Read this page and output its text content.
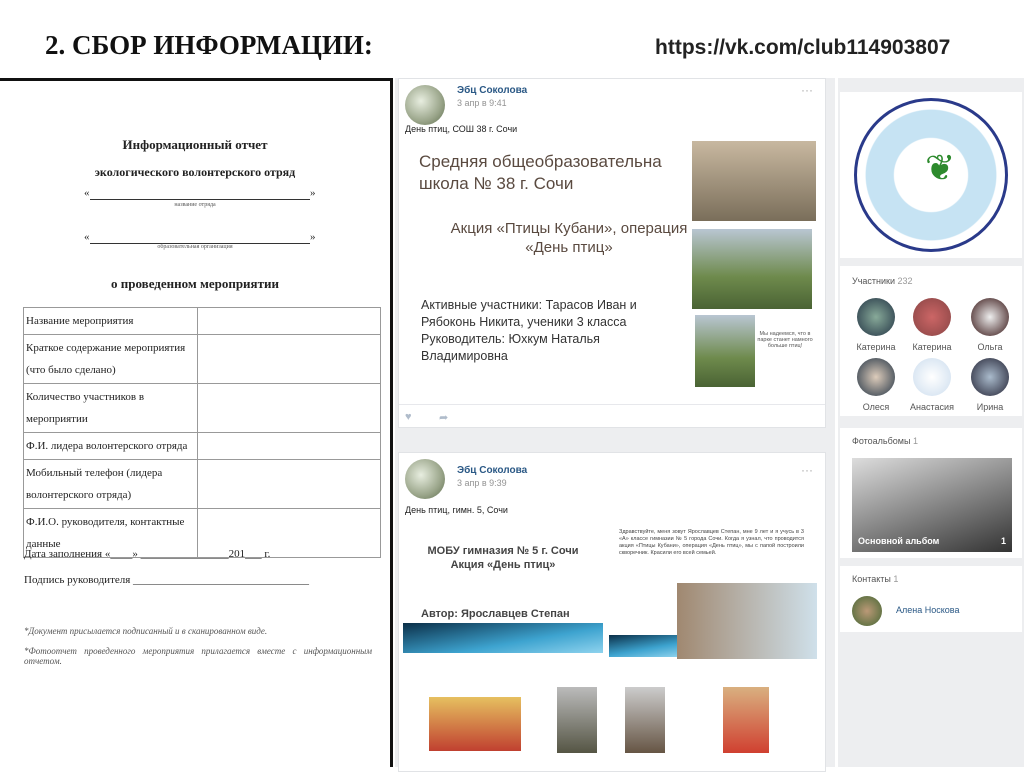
2. СБОР ИНФОРМАЦИИ:	https://vk.com/club114903807
Информационный отчет
экологического волонтерского отряд
«	»
название отряда
«	»
образовательная организация
о проведенном мероприятии
Название мероприятия	
Краткое содержание мероприятия (что было сделано)	
Количество участников в мероприятии	
Ф.И. лидера волонтерского отряда	
Мобильный телефон (лидера волонтерского отряда)	
Ф.И.О. руководителя, контактные данные	
Дата заполнения «____» ________________201___ г.
Подпись руководителя ________________________________
*Документ присылается подписанный и в сканированном виде.
*Фотоотчет проведенного мероприятия прилагается вместе с информационным отчетом.
Эбц Соколова
3 апр в 9:41
···
День птиц, СОШ 38 г. Сочи
Средняя общеобразовательна школа № 38 г. Сочи
Акция «Птицы Кубани», операция «День птиц»
Активные участники: Тарасов Иван и Рябоконь Никита, ученики 3 класса
Руководитель: Юхкум Наталья Владимировна
Мы надеемся, что в парке станет намного больше птиц!
♥ ➦
Эбц Соколова
3 апр в 9:39
···
День птиц, гимн. 5, Сочи
МОБУ гимназия № 5 г. Сочи
Акция «День птиц»
Автор: Ярославцев Степан
Здравствуйте, меня зовут Ярославцев Степан, мне 9 лет и я учусь в 3 «А» классе гимназии № 5 города Сочи. Когда я узнал, что проводится акция «Птицы Кубани», операция «День птиц», мы с папой построили скворечник. Красили его всей семьей.
❦
Участники 232
Катерина	Катерина	Ольга
Олеся	Анастасия	Ирина
Фотоальбомы 1
Основной альбом	1
Контакты 1
Алена Носкова
